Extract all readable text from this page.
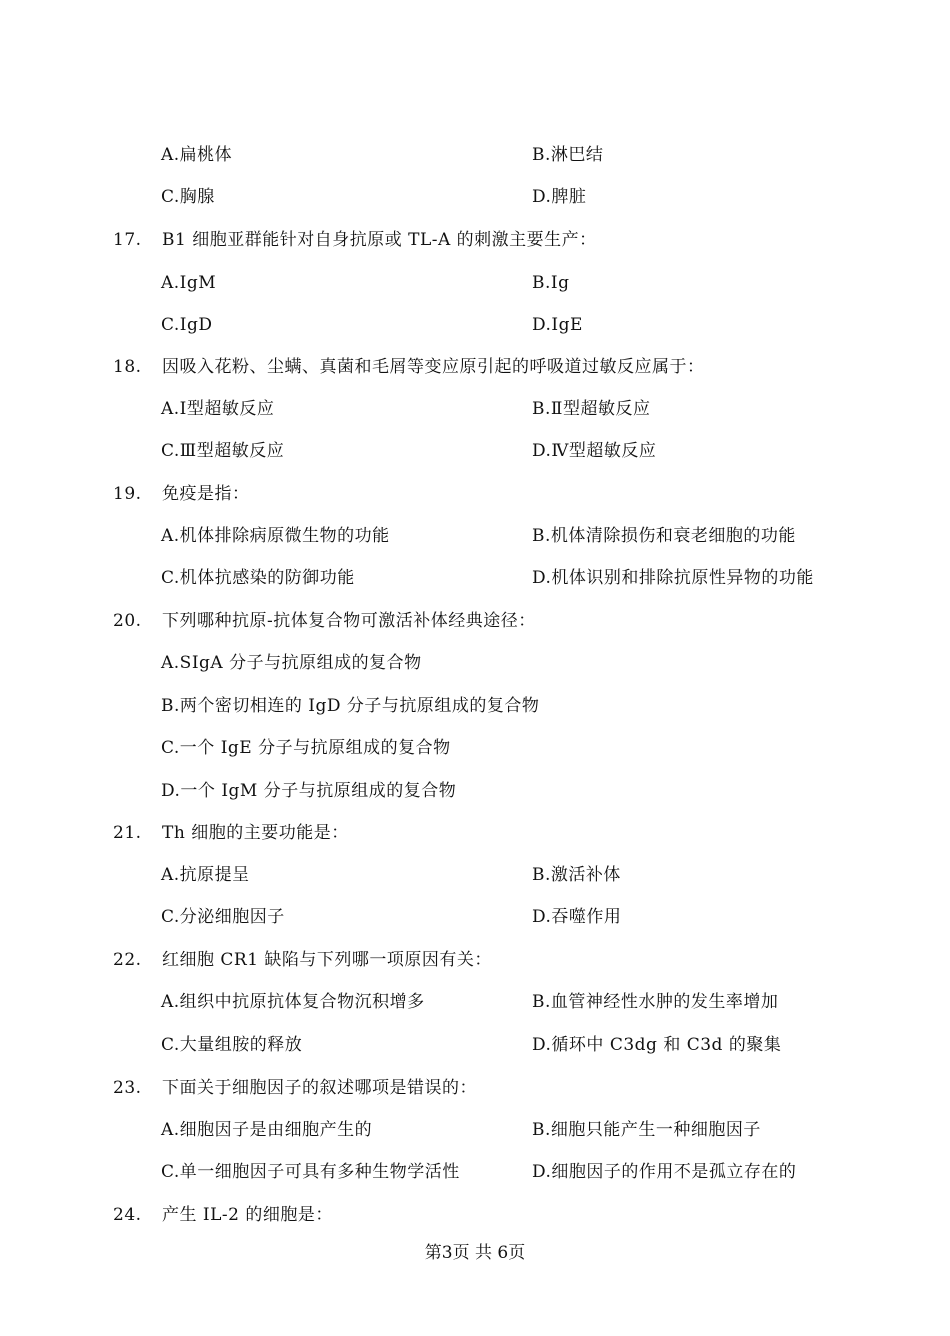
A.扁桃体	B.淋巴结
C.胸腺	D.脾脏
17. B1 细胞亚群能针对自身抗原或 TL-A 的刺激主要生产：
A.IgM	B.Ig
C.IgD	D.IgE
18. 因吸入花粉、尘螨、真菌和毛屑等变应原引起的呼吸道过敏反应属于：
A.Ⅰ型超敏反应	B.Ⅱ型超敏反应
C.Ⅲ型超敏反应	D.Ⅳ型超敏反应
19. 免疫是指：
A.机体排除病原微生物的功能	B.机体清除损伤和衰老细胞的功能
C.机体抗感染的防御功能	D.机体识别和排除抗原性异物的功能
20. 下列哪种抗原-抗体复合物可激活补体经典途径：
A.SIgA 分子与抗原组成的复合物
B.两个密切相连的 IgD 分子与抗原组成的复合物
C.一个 IgE 分子与抗原组成的复合物
D.一个 IgM 分子与抗原组成的复合物
21. Th 细胞的主要功能是：
A.抗原提呈	B.激活补体
C.分泌细胞因子	D.吞噬作用
22. 红细胞 CR1 缺陷与下列哪一项原因有关：
A.组织中抗原抗体复合物沉积增多	B.血管神经性水肿的发生率增加
C.大量组胺的释放	D.循环中 C3dg 和 C3d 的聚集
23. 下面关于细胞因子的叙述哪项是错误的：
A.细胞因子是由细胞产生的	B.细胞只能产生一种细胞因子
C.单一细胞因子可具有多种生物学活性	D.细胞因子的作用不是孤立存在的
24. 产生 IL-2 的细胞是：
第3页 共 6页
